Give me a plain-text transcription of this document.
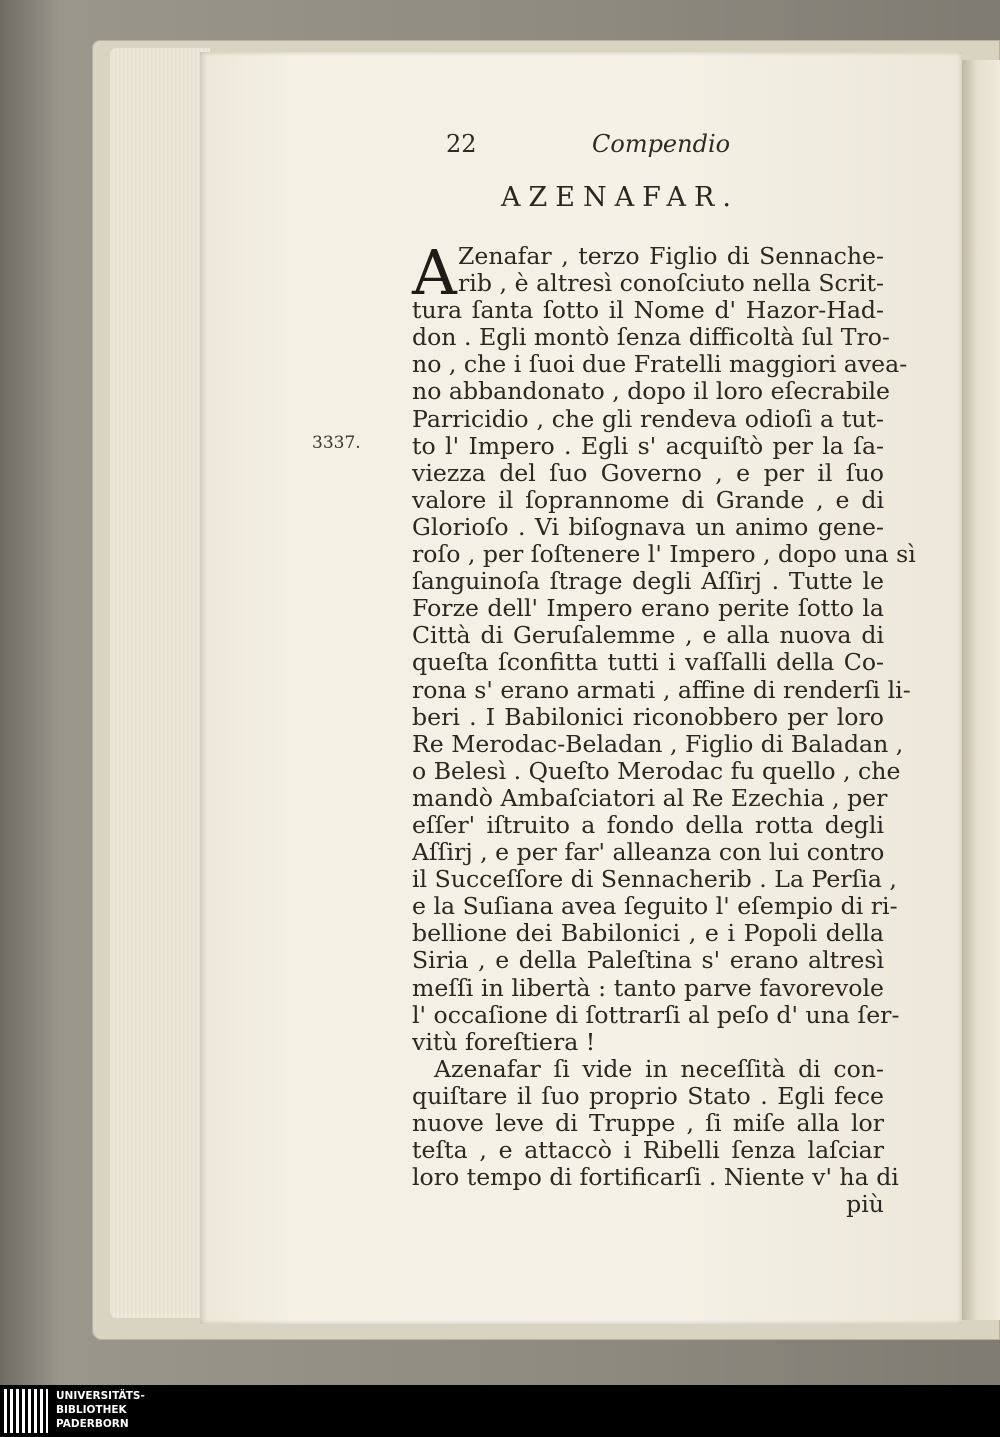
22	Compendio
AZENAFAR.
3337.
A Zenafar , terzo Figlio di Sennache-
rib , è altresì conoſciuto nella Scrit-
tura ſanta ſotto il Nome d' Hazor-Had-
don . Egli montò ſenza difficoltà ſul Tro-
no , che i ſuoi due Fratelli maggiori avea-
no abbandonato , dopo il loro eſecrabile
Parricidio , che gli rendeva odioſi a tut-
to l' Impero . Egli s' acquiſtò per la ſa-
viezza del ſuo Governo , e per il ſuo
valore il ſoprannome di Grande , e di
Glorioſo . Vi biſognava un animo gene-
roſo , per ſoſtenere l' Impero , dopo una sì
ſanguinoſa ſtrage degli Aſſirj . Tutte le
Forze dell' Impero erano perite ſotto la
Città di Geruſalemme , e alla nuova di
queſta ſconfitta tutti i vaſſalli della Co-
rona s' erano armati , affine di renderſi li-
beri . I Babilonici riconobbero per loro
Re Merodac-Beladan , Figlio di Baladan ,
o Belesì . Queſto Merodac fu quello , che
mandò Ambaſciatori al Re Ezechia , per
eſſer' iſtruito a fondo della rotta degli
Aſſirj , e per far' alleanza con lui contro
il Succeſſore di Sennacherib . La Perſia ,
e la Suſiana avea ſeguito l' eſempio di ri-
bellione dei Babilonici , e i Popoli della
Siria , e della Paleſtina s' erano altresì
meſſi in libertà : tanto parve favorevole
l' occaſione di ſottrarſi al peſo d' una ſer-
vitù foreſtiera !
Azenafar ſi vide in neceſſità di con-
quiſtare il ſuo proprio Stato . Egli fece
nuove leve di Truppe , ſi miſe alla lor
teſta , e attaccò i Ribelli ſenza laſciar
loro tempo di fortificarſi . Niente v' ha di
più
UNIVERSITÄTS-
BIBLIOTHEK
PADERBORN
